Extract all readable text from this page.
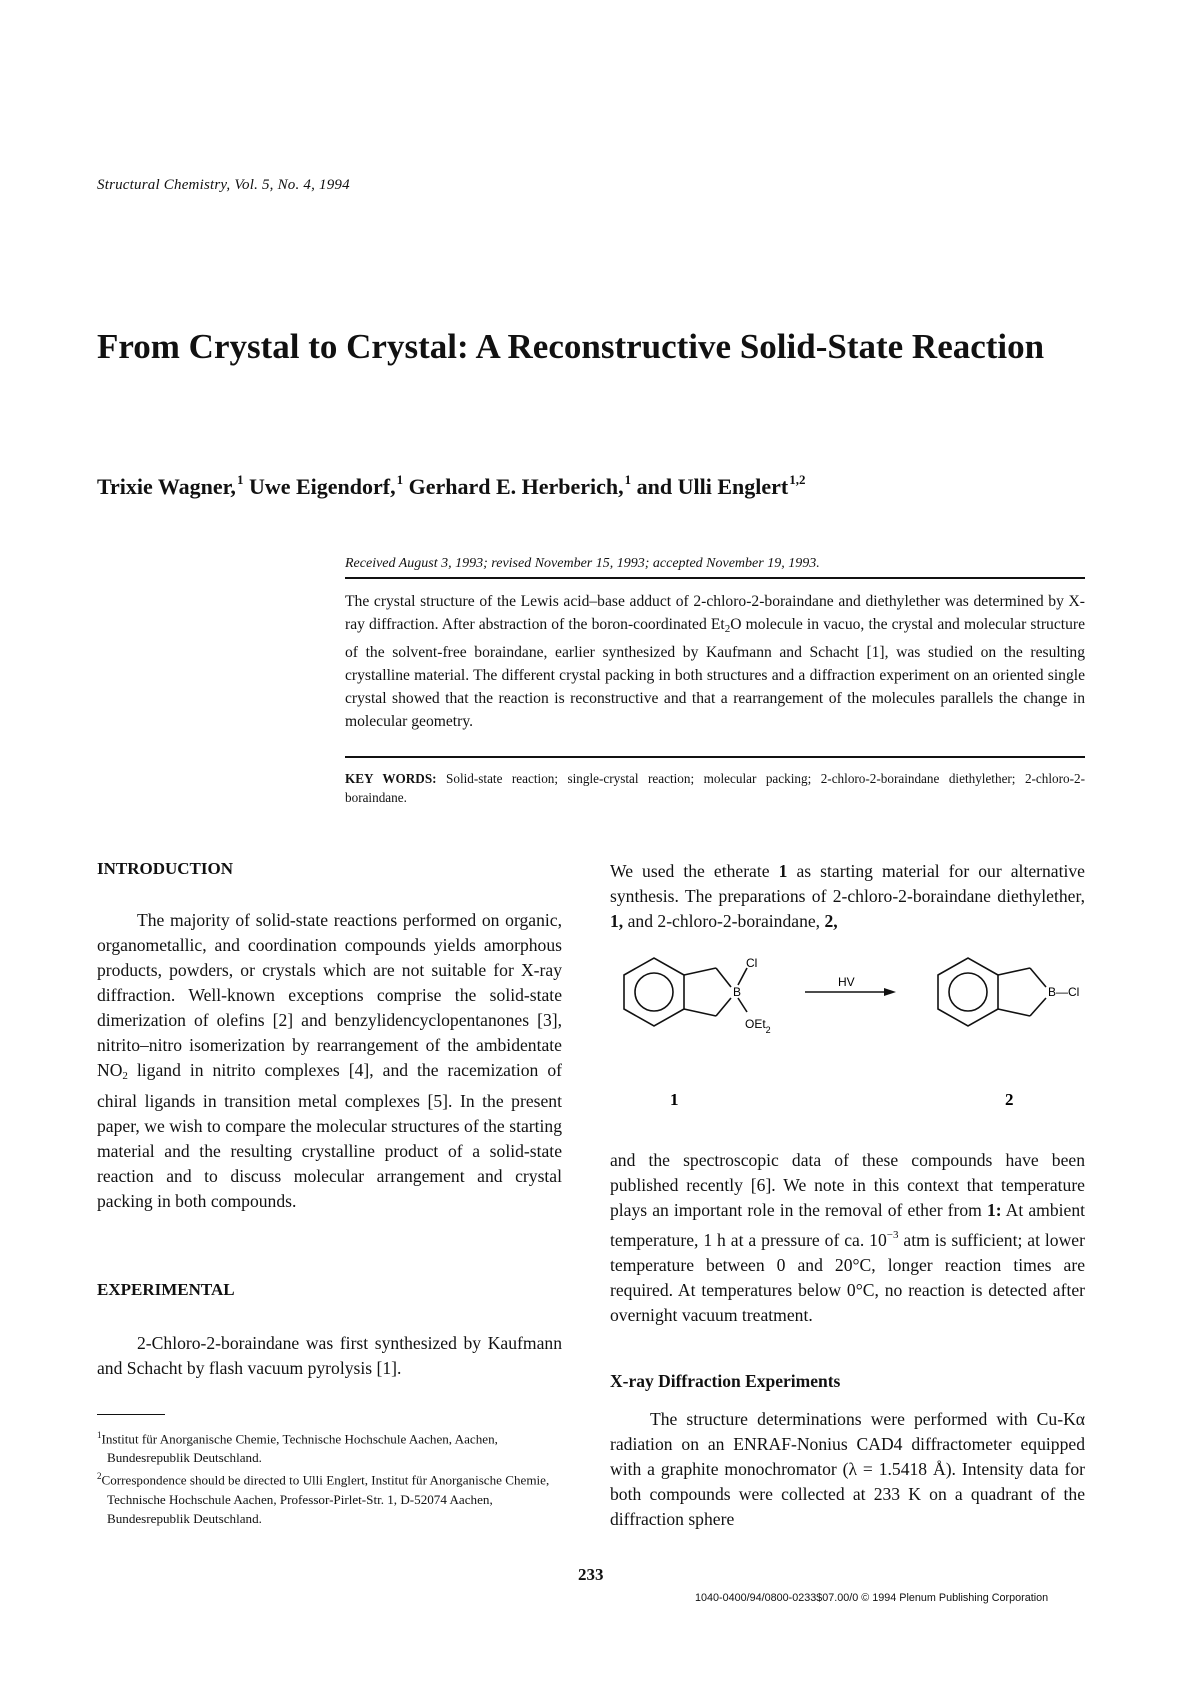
Structural Chemistry, Vol. 5, No. 4, 1994
From Crystal to Crystal: A Reconstructive Solid-State Reaction
Trixie Wagner,$^1$ Uwe Eigendorf,$^1$ Gerhard E. Herberich,$^1$ and Ulli Englert$^{1,2}$
Received August 3, 1993; revised November 15, 1993; accepted November 19, 1993.
The crystal structure of the Lewis acid–base adduct of 2-chloro-2-boraindane and diethylether was determined by X-ray diffraction. After abstraction of the boron-coordinated $Et_2O$ molecule in vacuo, the crystal and molecular structure of the solvent-free boraindane, earlier synthesized by Kaufmann and Schacht [1], was studied on the resulting crystalline material. The different crystal packing in both structures and a diffraction experiment on an oriented single crystal showed that the reaction is reconstructive and that a rearrangement of the molecules parallels the change in molecular geometry.
KEY WORDS: Solid-state reaction; single-crystal reaction; molecular packing; 2-chloro-2-boraindane diethylether; 2-chloro-2-boraindane.
INTRODUCTION
The majority of solid-state reactions performed on organic, organometallic, and coordination compounds yields amorphous products, powders, or crystals which are not suitable for X-ray diffraction. Well-known exceptions comprise the solid-state dimerization of olefins [2] and benzylidencyclopentanones [3], nitrito–nitro isomerization by rearrangement of the ambidentate $NO_2$ ligand in nitrito complexes [4], and the racemization of chiral ligands in transition metal complexes [5]. In the present paper, we wish to compare the molecular structures of the starting material and the resulting crystalline product of a solid-state reaction and to discuss molecular arrangement and crystal packing in both compounds.
EXPERIMENTAL
2-Chloro-2-boraindane was first synthesized by Kaufmann and Schacht by flash vacuum pyrolysis [1].
$^1$Institut für Anorganische Chemie, Technische Hochschule Aachen, Aachen, Bundesrepublik Deutschland.
$^2$Correspondence should be directed to Ulli Englert, Institut für Anorganische Chemie, Technische Hochschule Aachen, Professor-Pirlet-Str. 1, D-52074 Aachen, Bundesrepublik Deutschland.
We used the etherate 1 as starting material for our alternative synthesis. The preparations of 2-chloro-2-boraindane diethylether, 1, and 2-chloro-2-boraindane, 2,
B
Cl
OEt$_2$
HV
B—Cl
1	2
and the spectroscopic data of these compounds have been published recently [6]. We note in this context that temperature plays an important role in the removal of ether from 1: At ambient temperature, 1 h at a pressure of ca. $10^{-3}$ atm is sufficient; at lower temperature between 0 and 20°C, longer reaction times are required. At temperatures below 0°C, no reaction is detected after overnight vacuum treatment.
X-ray Diffraction Experiments
The structure determinations were performed with Cu-Kα radiation on an ENRAF-Nonius CAD4 diffractometer equipped with a graphite monochromator (λ = 1.5418 Å). Intensity data for both compounds were collected at 233 K on a quadrant of the diffraction sphere
233
1040-0400/94/0800-0233$07.00/0 © 1994 Plenum Publishing Corporation
